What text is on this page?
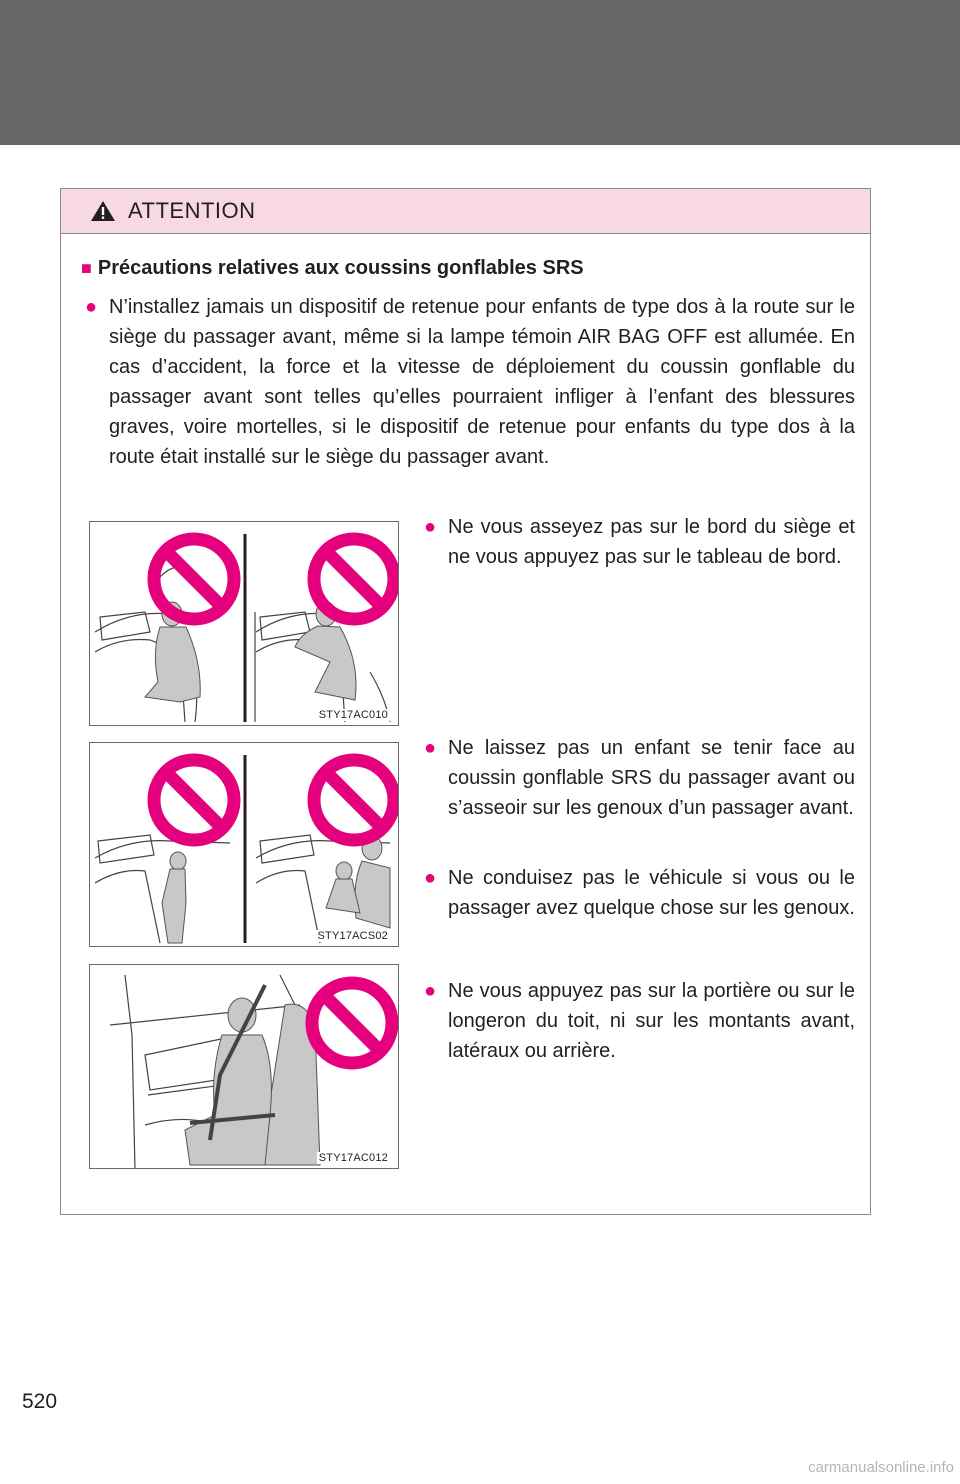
ATTENTION
■ Précautions relatives aux coussins gonflables SRS
● N’installez jamais un dispositif de retenue pour enfants de type dos à la route sur le siège du passager avant, même si la lampe témoin AIR BAG OFF est allumée. En cas d’accident, la force et la vitesse de déploiement du coussin gonflable du passager avant sont telles qu’elles pourraient infliger à l’enfant des blessures graves, voire mortelles, si le dispositif de retenue pour enfants du type dos à la route était installé sur le siège du passager avant.
STY17AC010
● Ne vous asseyez pas sur le bord du siège et ne vous appuyez pas sur le tableau de bord.
STY17ACS02
● Ne laissez pas un enfant se tenir face au coussin gonflable SRS du passager avant ou s’asseoir sur les genoux d’un passager avant.
● Ne conduisez pas le véhicule si vous ou le passager avez quelque chose sur les genoux.
STY17AC012
● Ne vous appuyez pas sur la portière ou sur le longeron du toit, ni sur les montants avant, latéraux ou arrière.
520
carmanualsonline.info
